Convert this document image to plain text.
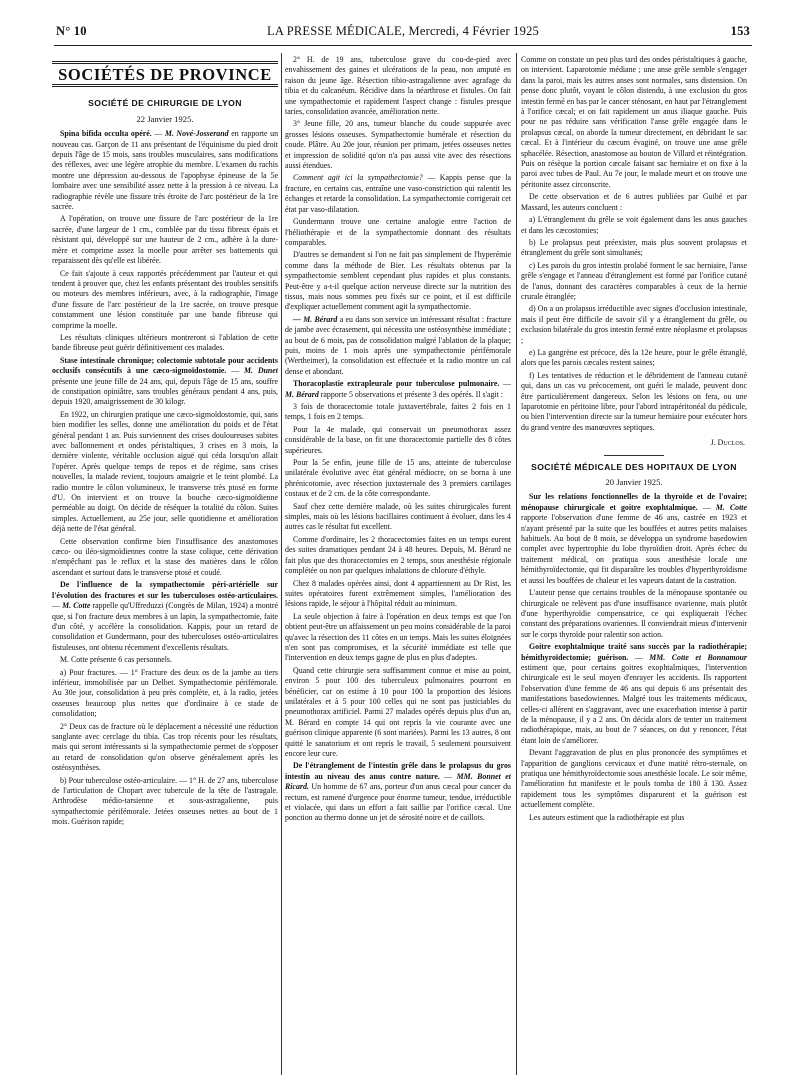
N° 10	LA PRESSE MÉDICALE, Mercredi, 4 Février 1925	153
SOCIÉTÉS DE PROVINCE
SOCIÉTÉ DE CHIRURGIE DE LYON
22 Janvier 1925.

Spina bifida occulta opéré. — M. Nové-Josserand en rapporte un nouveau cas. Garçon de 11 ans présentant de l'équinisme du pied droit depuis l'âge de 15 mois, sans troubles musculaires, sans modifications des réflexes, avec une légère atrophie du membre. L'examen du rachis montre une dépression au-dessous de l'apophyse épineuse de la 5e lombaire avec une sensibilité assez nette à la pression à ce niveau. La radiographie révèle une fissure très étroite de l'arc postérieur de la 1re sacrée.

A l'opération, on trouve une fissure de l'arc postérieur de la 1re sacrée, d'une largeur de 1 cm., comblée par du tissu fibreux épais et résistant qui, développé sur une hauteur de 2 cm., adhère à la dure-mère et comprime assez la moelle pour arrêter ses battements qui reparaissent dès qu'elle est libérée.

Ce fait s'ajoute à ceux rapportés précédemment par l'auteur et qui tendent à prouver que, chez les enfants présentant des troubles sensitifs ou moteurs des membres inférieurs, avec, à la radiographie, l'image d'une fissure de l'arc postérieur de la 1re sacrée, on trouve presque constamment une lésion constituée par une bande fibreuse qui comprime la moelle.

Les résultats cliniques ultérieurs montreront si l'ablation de cette bande fibreuse peut guérir définitivement ces malades.

Stase intestinale chronique; colectomie subtotale pour accidents occlusifs consécutifs à une cæco-sigmoïdostomie. — M. Dunet présente une jeune fille de 24 ans, qui, depuis l'âge de 15 ans, souffre de constipation opiniâtre, sans troubles généraux pendant 4 ans, puis, depuis 1920, amaigrissement de 30 kilogr.

En 1922, un chirurgien pratique une cæco-sigmoïdostomie, qui, sans bien modifier les selles, donne une amélioration du poids et de l'état général pendant 1 an. Puis surviennent des crises douloureuses subites avec ballonnement et ondes péristaltiques, 3 crises en 3 mois, la dernière violente, véritable occlusion aiguë qui céda lorsqu'on allait l'opérer. Après quelque temps de repos et de régime, sans crises nouvelles, la malade revient, toujours amaigrie et le teint plombé. La radio montre le côlon volumineux, le transverse très ptosé en forme d'U. On intervient et on trouve la bouche cæco-sigmoïdienne perméable au doigt. On décide de réséquer la totalité du côlon. Suites simples. Actuellement, au 25e jour, selle quotidienne et amélioration déjà nette de l'état général.

Cette observation confirme bien l'insuffisance des anastomoses cæco- ou iléo-sigmoïdiennes contre la stase colique, cette dérivation n'empêchant pas le reflux et la stase des matières dans le côlon ascendant et surtout dans le transverse ptosé et coudé.

De l'influence de la sympathectomie péri-artérielle sur l'évolution des fractures et sur les tuberculoses ostéo-articulaires. — M. Cotte rappelle qu'Uffreduzzi (Congrès de Milan, 1924) a montré que, si l'on fracture deux membres à un lapin, la sympathectomie, faite d'un côté, y accélère la consolidation. Kappis, pour un retard de consolidation et Gundermann, pour des tuberculoses ostéo-articulaires fistuleuses, ont obtenu récemment d'excellents résultats.

M. Cotte présente 6 cas personnels.

a) Pour fractures. — 1° Fracture des deux os de la jambe au tiers inférieur, immobilisée par un Delbet. Sympathectomie périfémorale. Au 30e jour, consolidation à peu près complète, et, à la radio, jetées osseuses beaucoup plus nettes que d'ordinaire à ce stade de consolidation;

2° Deux cas de fracture où le déplacement a nécessité une réduction sanglante avec cerclage du tibia. Cas trop récents pour les résultats, mais qui seront intéressants si la sympathectomie permet de s'opposer au retard de consolidation qu'on observe généralement après les ostéosynthèses.

b) Pour tuberculose ostéo-articulaire. — 1° H. de 27 ans, tuberculose de l'articulation de Chopart avec tubercule de la tête de l'astragale. Arthrodèse médio-tarsienne et sous-astragalienne, puis sympathectomie périfémorale. Jetées osseuses nettes au bout de 1 mois. Guérison rapide;

2° H. de 19 ans, tuberculose grave du cou-de-pied avec envahissement des gaines et ulcérations de la peau, non amputé en raison du jeune âge. Résection tibio-astragalienne avec agrafage du tibia et du calcanéum. Récidive dans la néarthrose et fistules. On fait une sympathectomie et rapidement l'aspect change : fistules presque taries, consolidation avancée, amélioration nette.

3° Jeune fille, 20 ans, tumeur blanche du coude suppurée avec grosses lésions osseuses. Sympathectomie humérale et résection du coude. Plâtre. Au 20e jour, réunion per primam, jetées osseuses nettes et impression de solidité qu'on n'a pas aussi vite avec des résections aussi étendues.

Comment agit ici la sympathectomie? — Kappis pense que la fracture, en certains cas, entraîne une vaso-constriction qui ralentit les échanges et retarde la consolidation. La sympathectomie corrigerait cet état par vaso-dilatation.

Gundermann trouve une certaine analogie entre l'action de l'héliothérapie et de la sympathectomie donnant des résultats comparables.

D'autres se demandent si l'on ne fait pas simplement de l'hyperémie comme dans la méthode de Bier. Les résultats obtenus par la sympathectomie semblent cependant plus rapides et plus constants. Peut-être y a-t-il quelque action nerveuse directe sur la nutrition des tissus, mais nous sommes peu fixés sur ce point, et il est difficile d'expliquer actuellement comment agit la sympathectomie.

— M. Bérard a eu dans son service un intéressant résultat : fracture de jambe avec écrasement, qui nécessita une ostéosynthèse immédiate ; au bout de 6 mois, pas de consolidation malgré l'ablation de la plaque; puis, moins de 1 mois après une sympathectomie périfémorale (Wertheimer), la consolidation est effectuée et la radio montre un cal dense et abondant.

Thoracoplastie extrapleurale pour tuberculose pulmonaire. — M. Bérard rapporte 5 observations et présente 3 des opérés. Il s'agit :

3 fois de thoracectomie totale juxtavertébrale, faites 2 fois en 1 temps, 1 fois en 2 temps.

Pour la 4e malade, qui conservait un pneumothorax assez considérable de la base, on fit une thoracectomie partielle des 8 côtes supérieures.

Pour la 5e enfin, jeune fille de 15 ans, atteinte de tuberculose unilatérale évolutive avec état général médiocre, on se borna à une phrénicotomie, avec résection juxtasternale des 3 premiers cartilages costaux et de 2 cm. de la côte correspondante.

Sauf chez cette dernière malade, où les suites chirurgicales furent simples, mais où les lésions bacillaires continuent à évoluer, dans les 4 autres cas le résultat fut excellent.

Comme d'ordinaire, les 2 thoracectomies faites en un temps eurent des suites dramatiques pendant 24 à 48 heures. Depuis, M. Bérard ne fait plus que des thoracectomies en 2 temps, sous anesthésie régionale complétée ou non par quelques inhalations de chlorure d'éthyle.

Chez 8 malades opérées ainsi, dont 4 appartiennent au Dr Rist, les suites opératoires furent extrêmement simples, l'amélioration des lésions rapide, le séjour à l'hôpital réduit au minimum.

La seule objection à faire à l'opération en deux temps est que l'on obtient peut-être un affaissement un peu moins considérable de la paroi qu'avec la résection des 11 côtes en un temps. Mais les suites éloignées n'en sont pas compromises, et la sécurité immédiate est telle que l'intervention en deux temps gagne de plus en plus d'adeptes.

Quand cette chirurgie sera suffisamment connue et mise au point, environ 5 pour 100 des tuberculeux pulmonaires pourront en bénéficier, car on estime à 10 pour 100 la proportion des lésions unilatérales et à 5 pour 100 celles qui ne sont pas justiciables du pneumothorax artificiel. Parmi 27 malades opérés depuis plus d'un an, M. Bérard en compte 14 qui ont repris la vie courante avec une guérison clinique apparente (6 sont mariées). Parmi les 13 autres, 8 ont quitté le sanatorium et ont repris le travail, 5 seulement poursuivent encore leur cure.

De l'étranglement de l'intestin grêle dans le prolapsus du gros intestin au niveau des anus contre nature. — MM. Bonnet et Ricard. Un homme de 67 ans, porteur d'un anus cæcal pour cancer du rectum, est ramené d'urgence pour énorme tumeur, tendue, irréductible et violacée, qui dans un effort a fait saillie par l'orifice cæcal. Une ponction au thermo donne un jet de sérosité noire et de caillots.

Comme on constate un peu plus tard des ondes péristaltiques à gauche, on intervient. Laparotomie médiane ; une anse grêle semble s'engager dans la paroi, mais les autres anses sont normales, sans distension. On pense donc plutôt, voyant le côlon distendu, à une exclusion du gros intestin fermé en bas par le cancer sténosant, en haut par l'étranglement à l'orifice cæcal; et on fait rapidement un anus iliaque gauche. Puis pour ne pas réduire sans vérification l'anse grêle engagée dans le prolapsus cæcal, on aborde la tumeur directement, en débridant le sac cæcal. Et à l'intérieur du cæcum évaginé, on trouve une anse grêle sphacélée. Résection, anastomose au bouton de Villard et réintégration. Puis on résèque la portion cæcale faisant sac herniaire et on fixe à la paroi avec tubes de Paul. Au 7e jour, le malade meurt et on trouve une péritonite assez circonscrite.

De cette observation et de 6 autres publiées par Guibé et par Massard, les auteurs concluent :

a) L'étranglement du grêle se voit également dans les anus gauches et dans les cæcostomies;

b) Le prolapsus peut préexister, mais plus souvent prolapsus et étranglement du grêle sont simultanés;

c) Les parois du gros intestin prolabé forment le sac herniaire, l'anse grêle s'engage et l'anneau d'étranglement est formé par l'orifice cutané de l'anus, donnant des caractères comparables à ceux de la hernie crurale étranglée;

d) On a un prolapsus irréductible avec signes d'occlusion intestinale, mais il peut être difficile de savoir s'il y a étranglement du grêle, ou exclusion bilatérale du gros intestin fermé entre néoplasme et prolapsus ;

e) La gangrène est précoce, dès la 12e heure, pour le grêle étranglé, alors que les parois cæcales restent saines;

f) Les tentatives de réduction et le débridement de l'anneau cutané qui, dans un cas vu précocement, ont guéri le malade, peuvent donc être particulièrement dangereux. Selon les lésions on fera, ou une laparotomie en péritoine libre, pour l'abord intrapéritonéal du pédicule, ou bien l'intervention directe sur la tumeur herniaire pour exécuter hors du grand ventre des manœuvres septiques.

J. Duclos.

SOCIÉTÉ MÉDICALE DES HOPITAUX DE LYON
20 Janvier 1925.

Sur les relations fonctionnelles de la thyroïde et de l'ovaire; ménopause chirurgicale et goitre exophtalmique. — M. Cotte rapporte l'observation d'une femme de 46 ans, castrée en 1923 et n'ayant présenté par la suite que les bouffées et autres petits malaises habituels. Au bout de 8 mois, se développa un syndrome basedowien complet avec hypertrophie du lobe thyroïdien droit. Après échec du traitement médical, on pratiqua sous anesthésie locale une hémithyroïdectomie, qui fit disparaître les troubles d'hyperthyroïdisme et aussi les bouffées de chaleur et les vapeurs datant de la castration.

L'auteur pense que certains troubles de la ménopause spontanée ou chirurgicale ne relèvent pas d'une insuffisance ovarienne, mais plutôt d'une hyperthyroïdie compensatrice, ce qui expliquerait l'échec constant des préparations ovariennes. Il conviendrait mieux d'intervenir sur le corps thyroïde pour ralentir son action.

Goitre exophtalmique traité sans succès par la radiothérapie; hémithyroïdectomie; guérison. — MM. Cotte et Bonnamour estiment que, pour certains goitres exophtalmiques, l'intervention chirurgicale est le seul moyen d'enrayer les accidents. Ils rapportent l'observation d'une femme de 46 ans qui depuis 6 ans présentait des manifestations basedowiennes. Malgré tous les traitements médicaux, celles-ci allèrent en s'aggravant, avec une exacerbation intense à partir de la ménopause, il y a 2 ans. On décida alors de tenter un traitement radiothérapique, mais, au bout de 7 séances, on dut y renoncer, l'état étant loin de s'améliorer.

Devant l'aggravation de plus en plus prononcée des symptômes et l'apparition de ganglions cervicaux et d'une matité rétro-sternale, on pratiqua une hémithyroïdectomie sous anesthésie locale. Le soir même, l'amélioration fut manifeste et le pouls tomba de 180 à 130. Assez rapidement tous les symptômes disparurent et la guérison est actuellement complète.

Les auteurs estiment que la radiothérapie est plus
